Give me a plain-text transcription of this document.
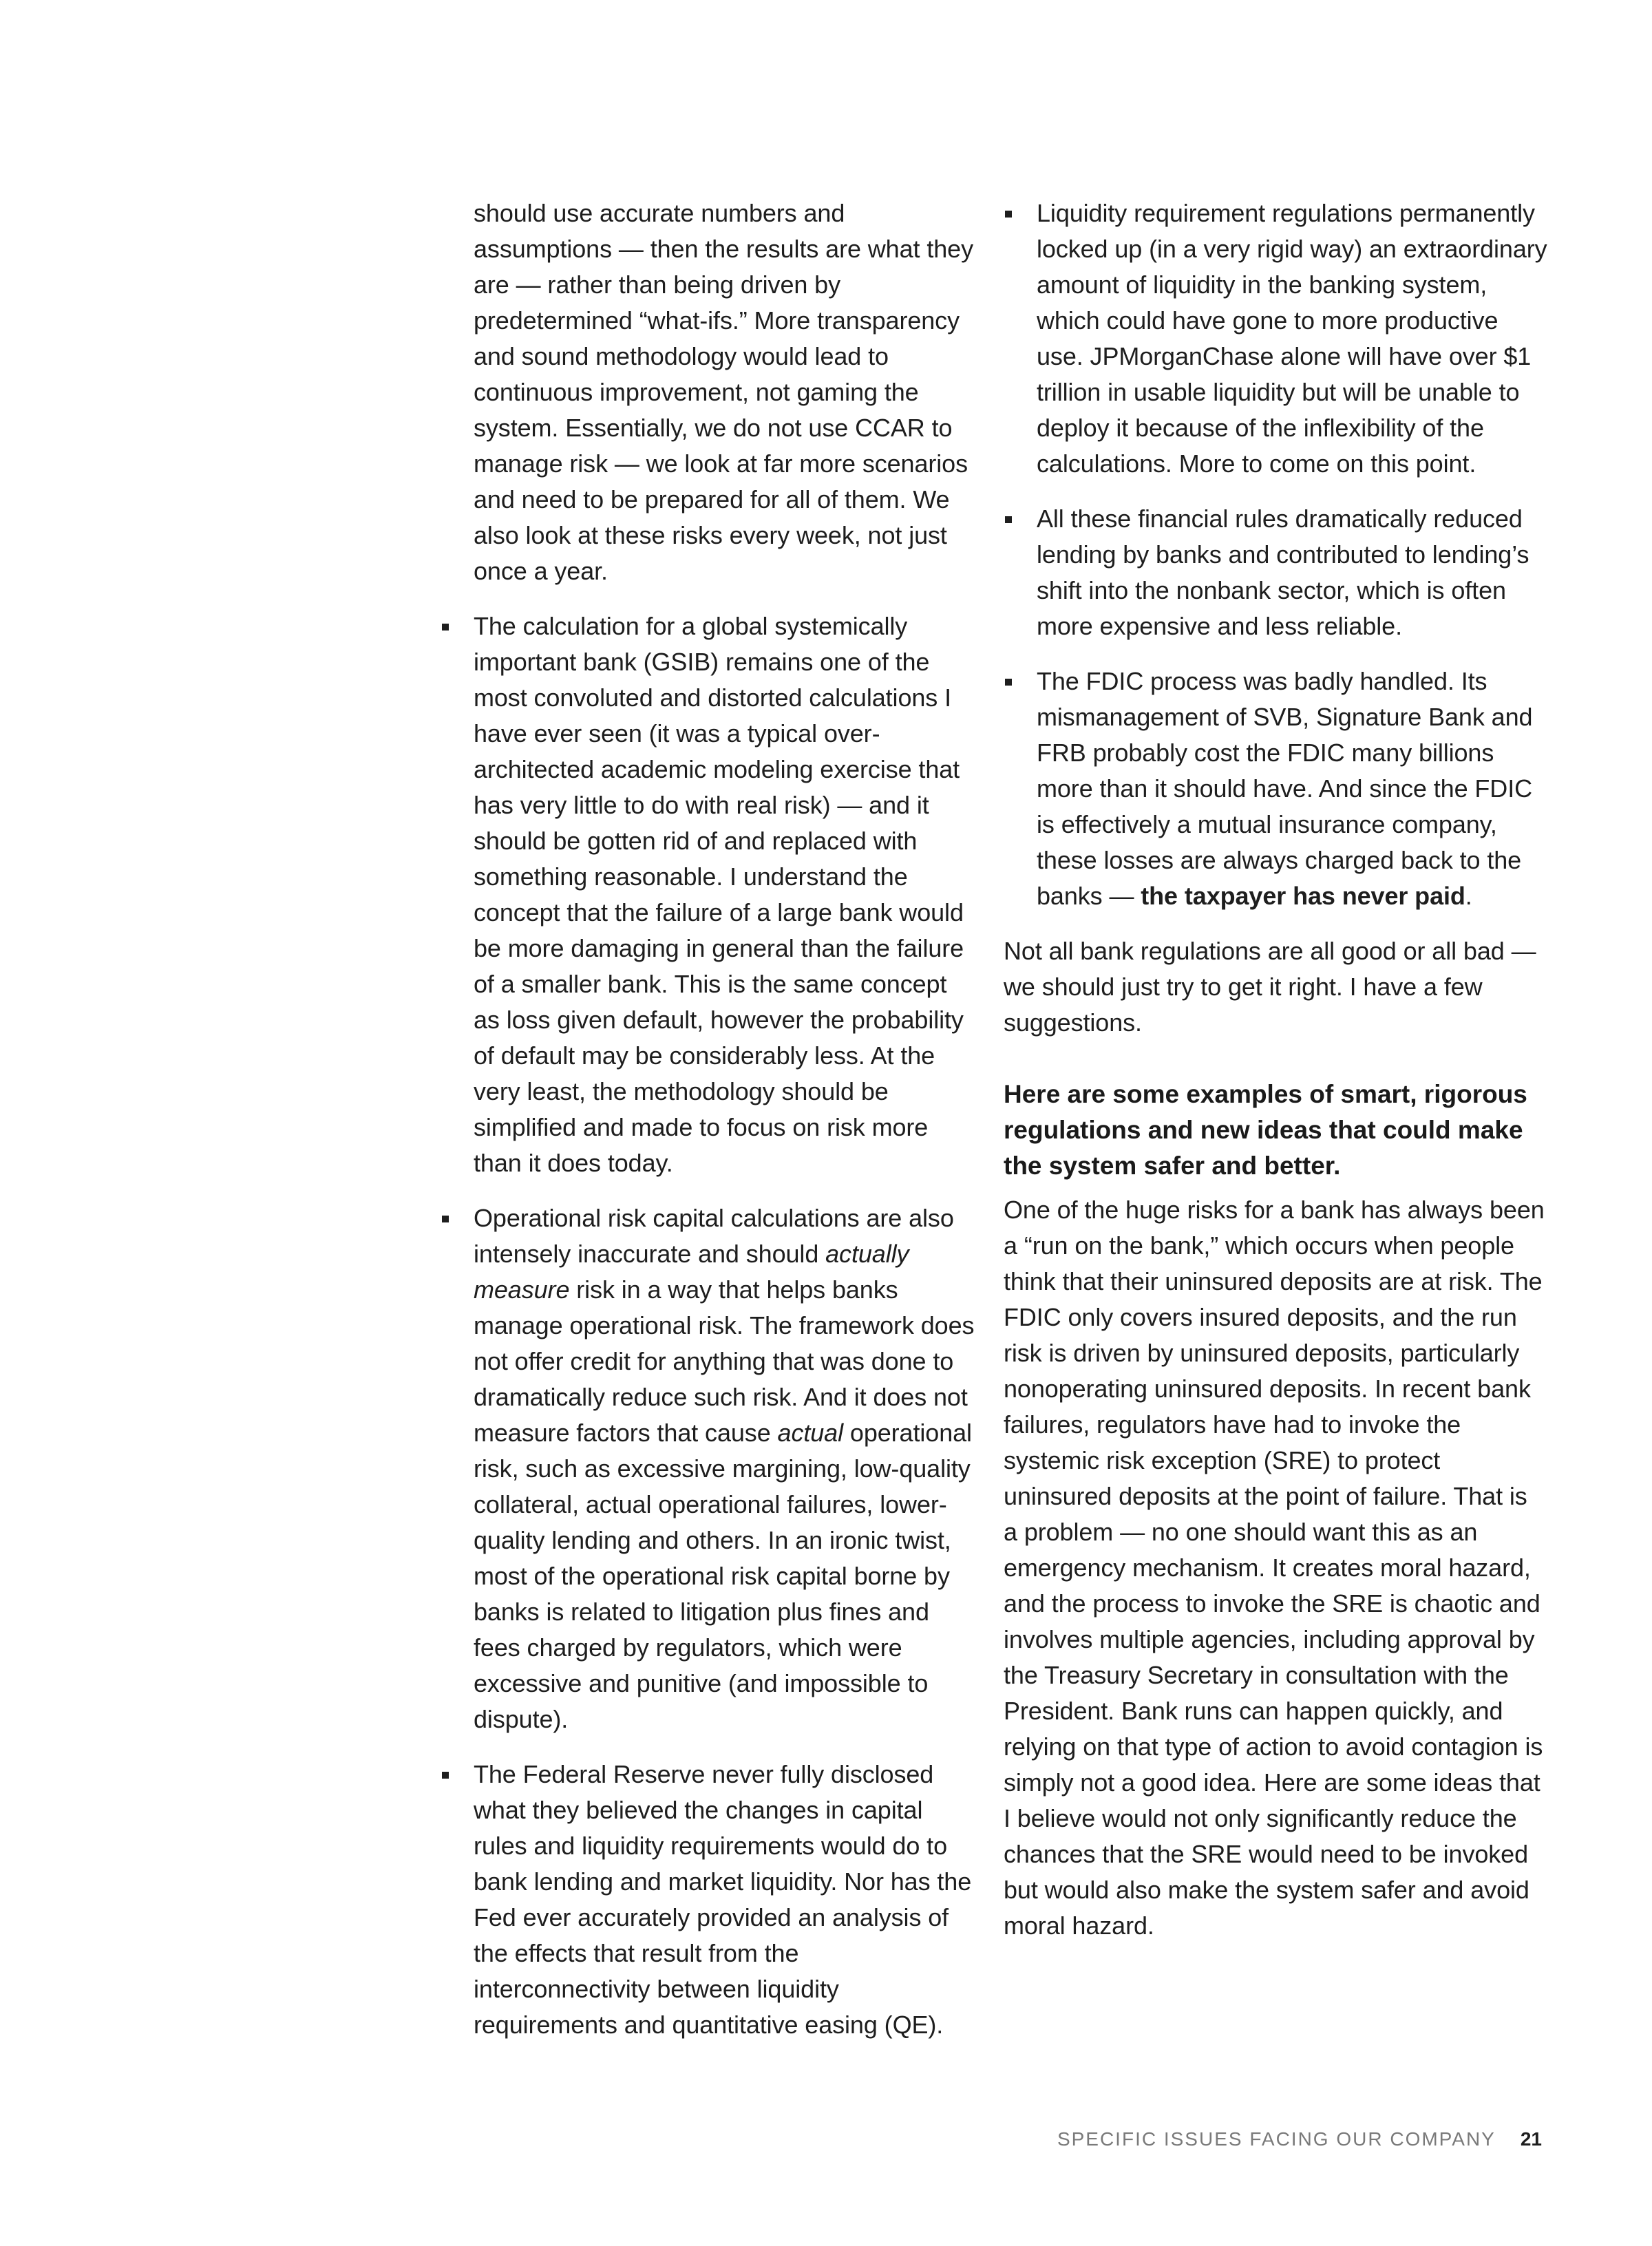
should use accurate numbers and assumptions — then the results are what they are — rather than being driven by predetermined “what-ifs.” More transparency and sound methodology would lead to continuous improvement, not gaming the system. Essentially, we do not use CCAR to manage risk — we look at far more scenarios and need to be prepared for all of them. We also look at these risks every week, not just once a year.

The calculation for a global systemically important bank (GSIB) remains one of the most convoluted and distorted calculations I have ever seen (it was a typical over-architected academic modeling exercise that has very little to do with real risk) — and it should be gotten rid of and replaced with something reasonable. I understand the concept that the failure of a large bank would be more damaging in general than the failure of a smaller bank. This is the same concept as loss given default, however the probability of default may be considerably less. At the very least, the methodology should be simplified and made to focus on risk more than it does today.
Operational risk capital calculations are also intensely inaccurate and should actually measure risk in a way that helps banks manage operational risk. The framework does not offer credit for anything that was done to dramatically reduce such risk. And it does not measure factors that cause actual operational risk, such as excessive margining, low-quality collateral, actual operational failures, lower-quality lending and others. In an ironic twist, most of the operational risk capital borne by banks is related to litigation plus fines and fees charged by regulators, which were excessive and punitive (and impossible to dispute).
The Federal Reserve never fully disclosed what they believed the changes in capital rules and liquidity requirements would do to bank lending and market liquidity. Nor has the Fed ever accurately provided an analysis of the effects that result from the interconnectivity between liquidity requirements and quantitative easing (QE).
Liquidity requirement regulations permanently locked up (in a very rigid way) an extraordinary amount of liquidity in the banking system, which could have gone to more productive use. JPMorganChase alone will have over $1 trillion in usable liquidity but will be unable to deploy it because of the inflexibility of the calculations. More to come on this point.
All these financial rules dramatically reduced lending by banks and contributed to lending’s shift into the nonbank sector, which is often more expensive and less reliable.
The FDIC process was badly handled. Its mismanagement of SVB, Signature Bank and FRB probably cost the FDIC many billions more than it should have. And since the FDIC is effectively a mutual insurance company, these losses are always charged back to the banks — the taxpayer has never paid.

Not all bank regulations are all good or all bad — we should just try to get it right. I have a few suggestions.

Here are some examples of smart, rigorous regulations and new ideas that could make the system safer and better.

One of the huge risks for a bank has always been a “run on the bank,” which occurs when people think that their uninsured deposits are at risk. The FDIC only covers insured deposits, and the run risk is driven by uninsured deposits, particularly nonoperating uninsured deposits. In recent bank failures, regulators have had to invoke the systemic risk exception (SRE) to protect uninsured deposits at the point of failure. That is a problem — no one should want this as an emergency mechanism. It creates moral hazard, and the process to invoke the SRE is chaotic and involves multiple agencies, including approval by the Treasury Secretary in consultation with the President. Bank runs can happen quickly, and relying on that type of action to avoid contagion is simply not a good idea. Here are some ideas that I believe would not only significantly reduce the chances that the SRE would need to be invoked but would also make the system safer and avoid moral hazard.

SPECIFIC ISSUES FACING OUR COMPANY 21
